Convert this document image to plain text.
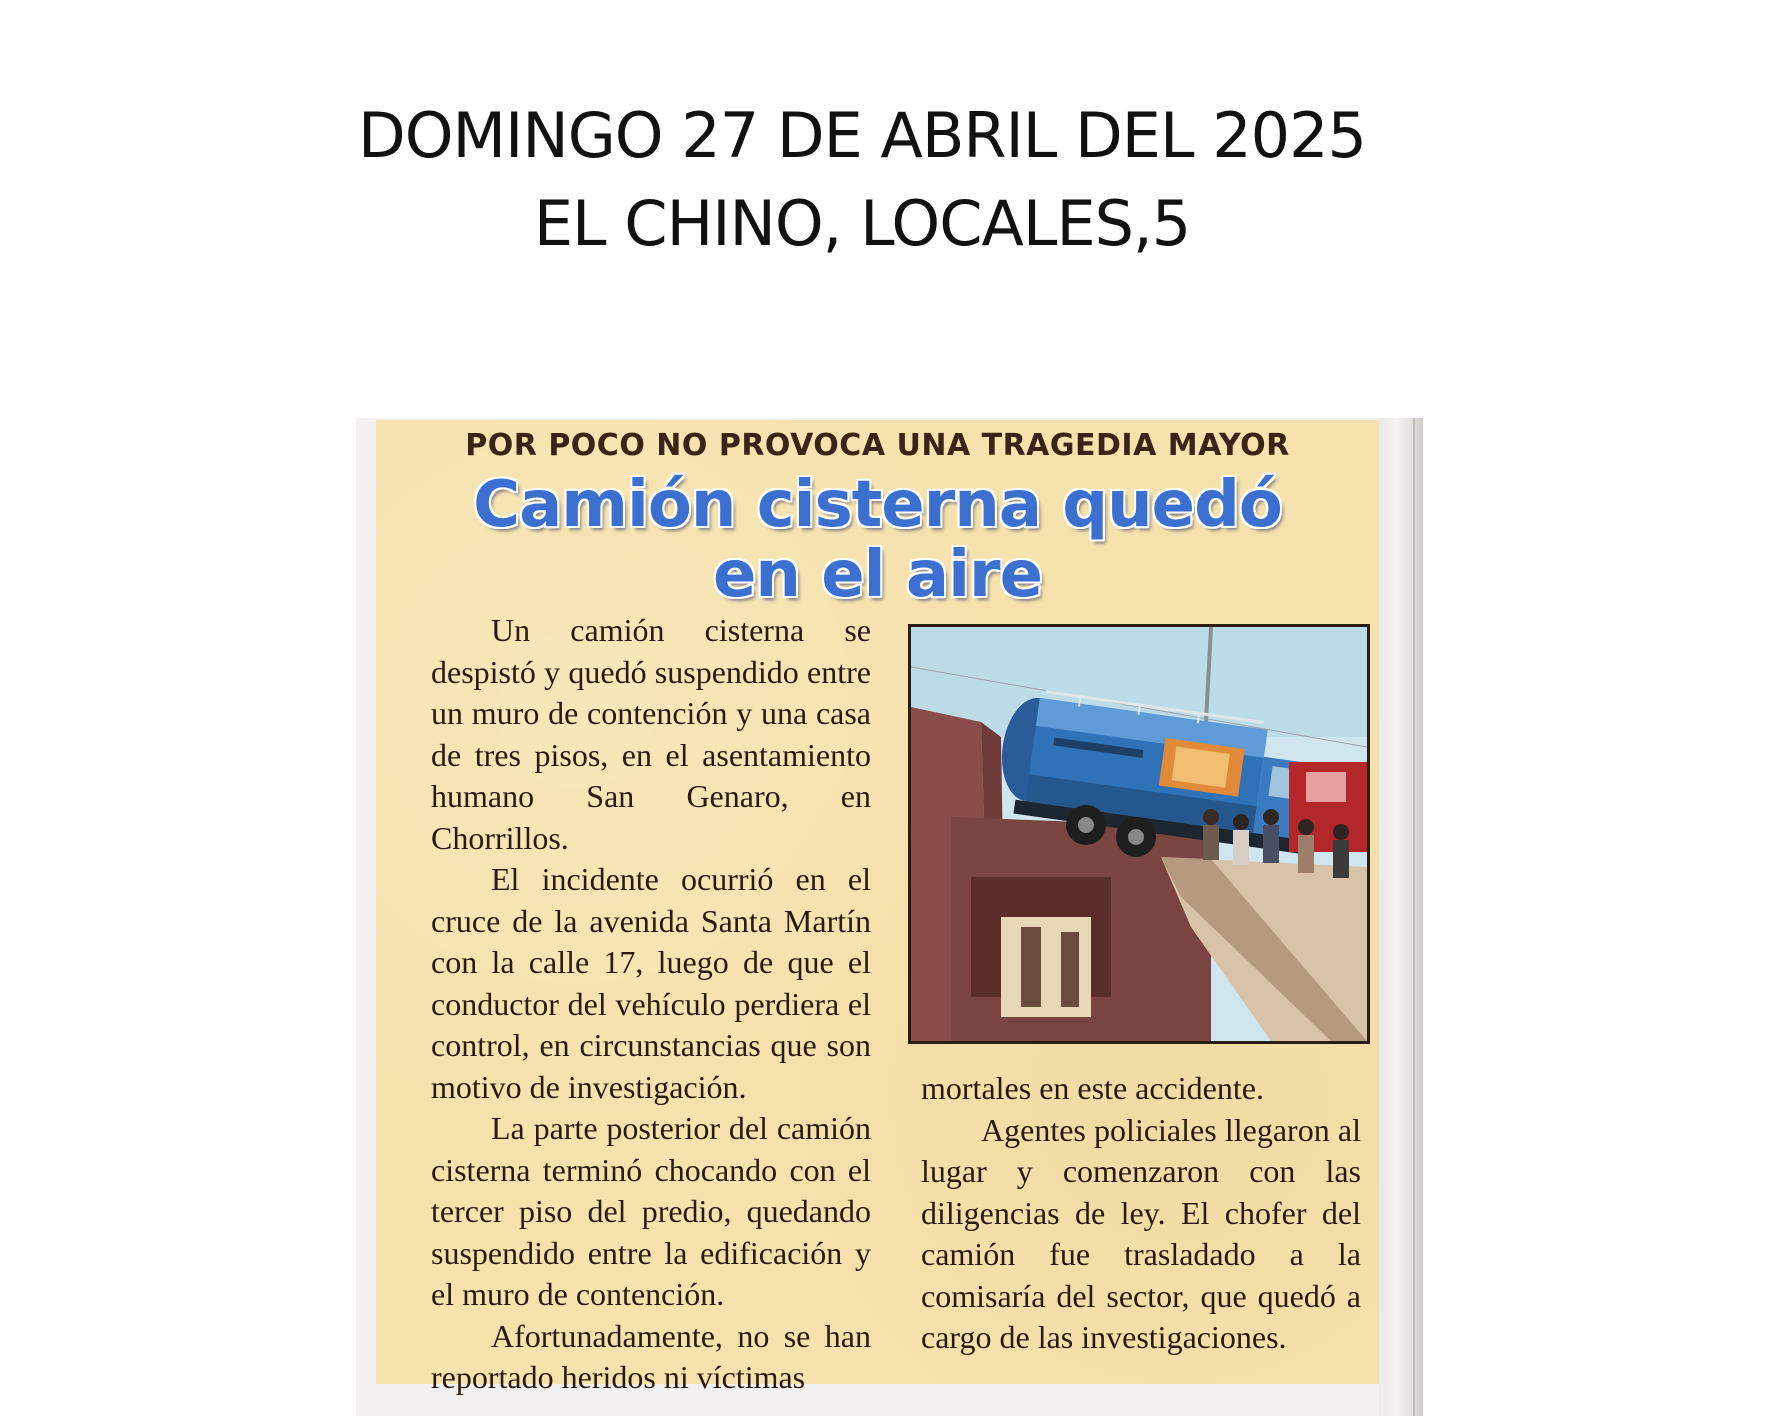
DOMINGO 27 DE ABRIL DEL 2025
EL CHINO, LOCALES,5
POR POCO NO PROVOCA UNA TRAGEDIA MAYOR
Camión cisterna quedó
en el aire

Un camión cisterna se despistó y quedó suspendido entre un muro de contención y una casa de tres pisos, en el asentamiento humano San Genaro, en Chorrillos.

El incidente ocurrió en el cruce de la avenida Santa Martín con la calle 17, luego de que el conductor del vehículo perdiera el control, en circunstancias que son motivo de investigación.

La parte posterior del camión cisterna terminó chocando con el tercer piso del predio, quedando suspendido entre la edificación y el muro de contención.

Afortunadamente, no se han reportado heridos ni víctimas

mortales en este accidente.

Agentes policiales llegaron al lugar y comenzaron con las diligencias de ley. El chofer del camión fue trasladado a la comisaría del sector, que quedó a cargo de las investigaciones.
